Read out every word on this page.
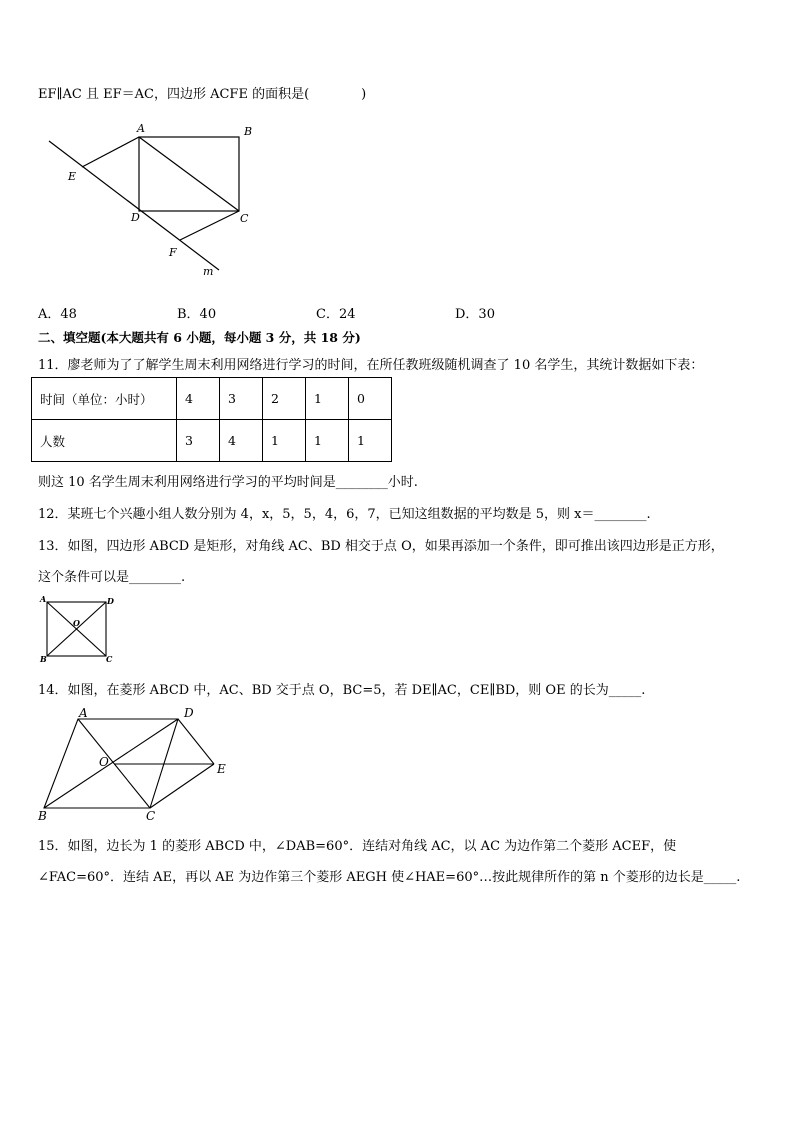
EF∥AC 且 EF＝AC，四边形 ACFE 的面积是(　　　　)
A	B
C
D
E
F
m
A．48	B．40	C．24	D．30
二、填空题(本大题共有 6 小题，每小题 3 分，共 18 分)
11．廖老师为了了解学生周末利用网络进行学习的时间，在所任教班级随机调查了 10 名学生，其统计数据如下表：
时间（单位：小时）	4	3	2	1	0
人数	3	4	1	1	1
则这 10 名学生周末利用网络进行学习的平均时间是________小时.
12．某班七个兴趣小组人数分别为 4，x，5，5，4，6，7，已知这组数据的平均数是 5，则 x＝________.
13．如图，四边形 ABCD 是矩形，对角线 AC、BD 相交于点 O，如果再添加一个条件，即可推出该四边形是正方形，
这个条件可以是________.
A	D
B	C
O
14．如图，在菱形 ABCD 中，AC、BD 交于点 O，BC=5，若 DE∥AC，CE∥BD，则 OE 的长为_____.
A	D
B	C
E
O
15．如图，边长为 1 的菱形 ABCD 中，∠DAB=60°．连结对角线 AC，以 AC 为边作第二个菱形 ACEF，使
∠FAC=60°．连结 AE，再以 AE 为边作第三个菱形 AEGH 使∠HAE=60°…按此规律所作的第 n 个菱形的边长是_____.
